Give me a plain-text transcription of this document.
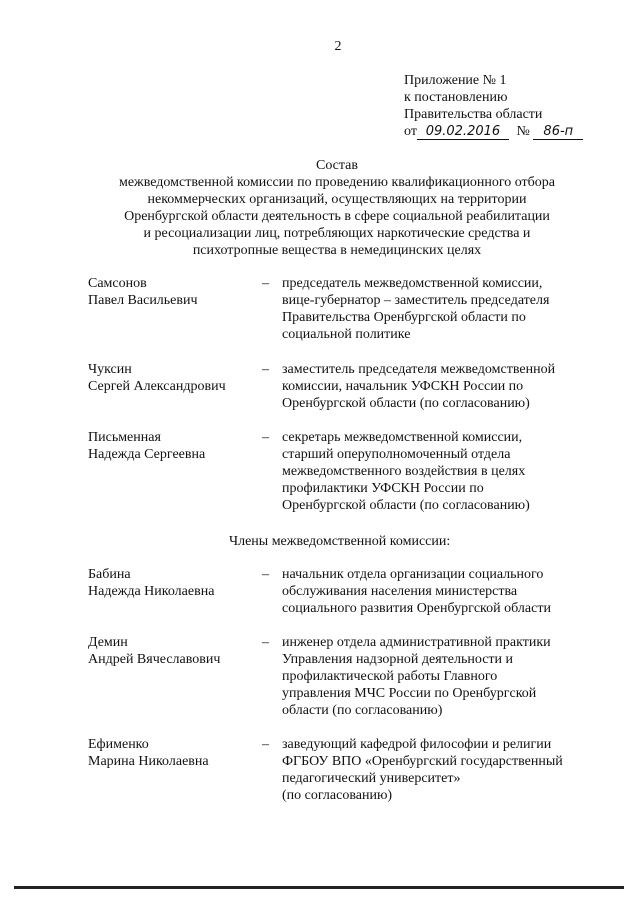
2
Приложение № 1
к постановлению
Правительства области
от 09.02.2016 № 86-п
Состав
межведомственной комиссии по проведению квалификационного отбора
некоммерческих организаций, осуществляющих на территории
Оренбургской области деятельность в сфере социальной реабилитации
и ресоциализации лиц, потребляющих наркотические средства и
психотропные вещества в немедицинских целях
Самсонов
Павел Васильевич
– председатель межведомственной комиссии,
вице-губернатор – заместитель председателя
Правительства Оренбургской области по
социальной политике
Чуксин
Сергей Александрович
– заместитель председателя межведомственной
комиссии, начальник УФСКН России по
Оренбургской области (по согласованию)
Письменная
Надежда Сергеевна
– секретарь межведомственной комиссии,
старший оперуполномоченный отдела
межведомственного воздействия в целях
профилактики УФСКН России по
Оренбургской области (по согласованию)
Члены межведомственной комиссии:
Бабина
Надежда Николаевна
– начальник отдела организации социального
обслуживания населения министерства
социального развития Оренбургской области
Демин
Андрей Вячеславович
– инженер отдела административной практики
Управления надзорной деятельности и
профилактической работы Главного
управления МЧС России по Оренбургской
области (по согласованию)
Ефименко
Марина Николаевна
– заведующий кафедрой философии и религии
ФГБОУ ВПО «Оренбургский государственный
педагогический университет»
(по согласованию)
